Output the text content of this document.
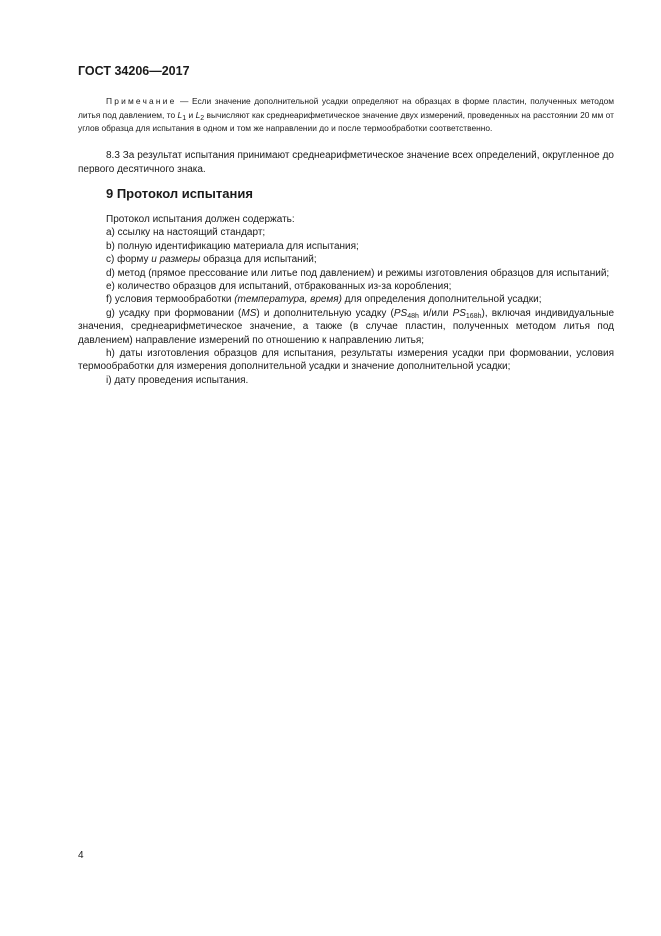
ГОСТ 34206—2017

Примечание — Если значение дополнительной усадки определяют на образцах в форме пластин, полученных методом литья под давлением, то $L_1$ и $L_2$ вычисляют как среднеарифметическое значение двух измерений, проведенных на расстоянии 20 мм от углов образца для испытания в одном и том же направлении до и после термообработки соответственно.

8.3 За результат испытания принимают среднеарифметическое значение всех определений, округленное до первого десятичного знака.

9 Протокол испытания

Протокол испытания должен содержать:

a) ссылку на настоящий стандарт;

b) полную идентификацию материала для испытания;

c) форму и размеры образца для испытаний;

d) метод (прямое прессование или литье под давлением) и режимы изготовления образцов для испытаний;

e) количество образцов для испытаний, отбракованных из-за коробления;

f) условия термообработки (температура, время) для определения дополнительной усадки;

g) усадку при формовании (MS) и дополнительную усадку ($PS_{48h}$ и/или $PS_{168h}$), включая индивидуальные значения, среднеарифметическое значение, а также (в случае пластин, полученных методом литья под давлением) направление измерений по отношению к направлению литья;

h) даты изготовления образцов для испытания, результаты измерения усадки при формовании, условия термообработки для измерения дополнительной усадки и значение дополнительной усадки;

i) дату проведения испытания.

4
